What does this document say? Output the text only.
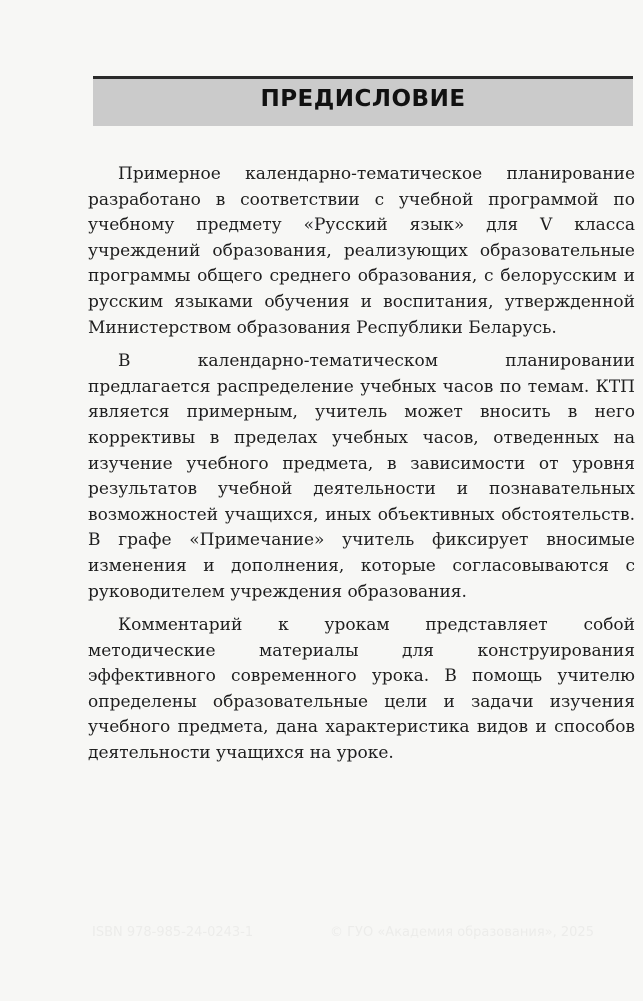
ПРЕДИСЛОВИЕ

Примерное календарно-тематическое планирование разработано в соответствии с учебной программой по учебному предмету «Русский язык» для V класса учреждений образования, реализующих образовательные программы общего среднего образования, с белорусским и русским языками обучения и воспитания, утвержденной Министерством образования Республики Беларусь.

В календарно-тематическом планировании предлагается распределение учебных часов по темам. КТП является примерным, учитель может вносить в него коррективы в пределах учебных часов, отведенных на изучение учебного предмета, в зависимости от уровня результатов учебной деятельности и познавательных возможностей учащихся, иных объективных обстоятельств. В графе «Примечание» учитель фиксирует вносимые изменения и дополнения, которые согласовываются с руководителем учреждения образования.

Комментарий к урокам представляет собой методические материалы для конструирования эффективного современного урока. В помощь учителю определены образовательные цели и задачи изучения учебного предмета, дана характеристика видов и способов деятельности учащихся на уроке.

ISBN 978-985-24-0243-1	© ГУО «Академия образования», 2025
